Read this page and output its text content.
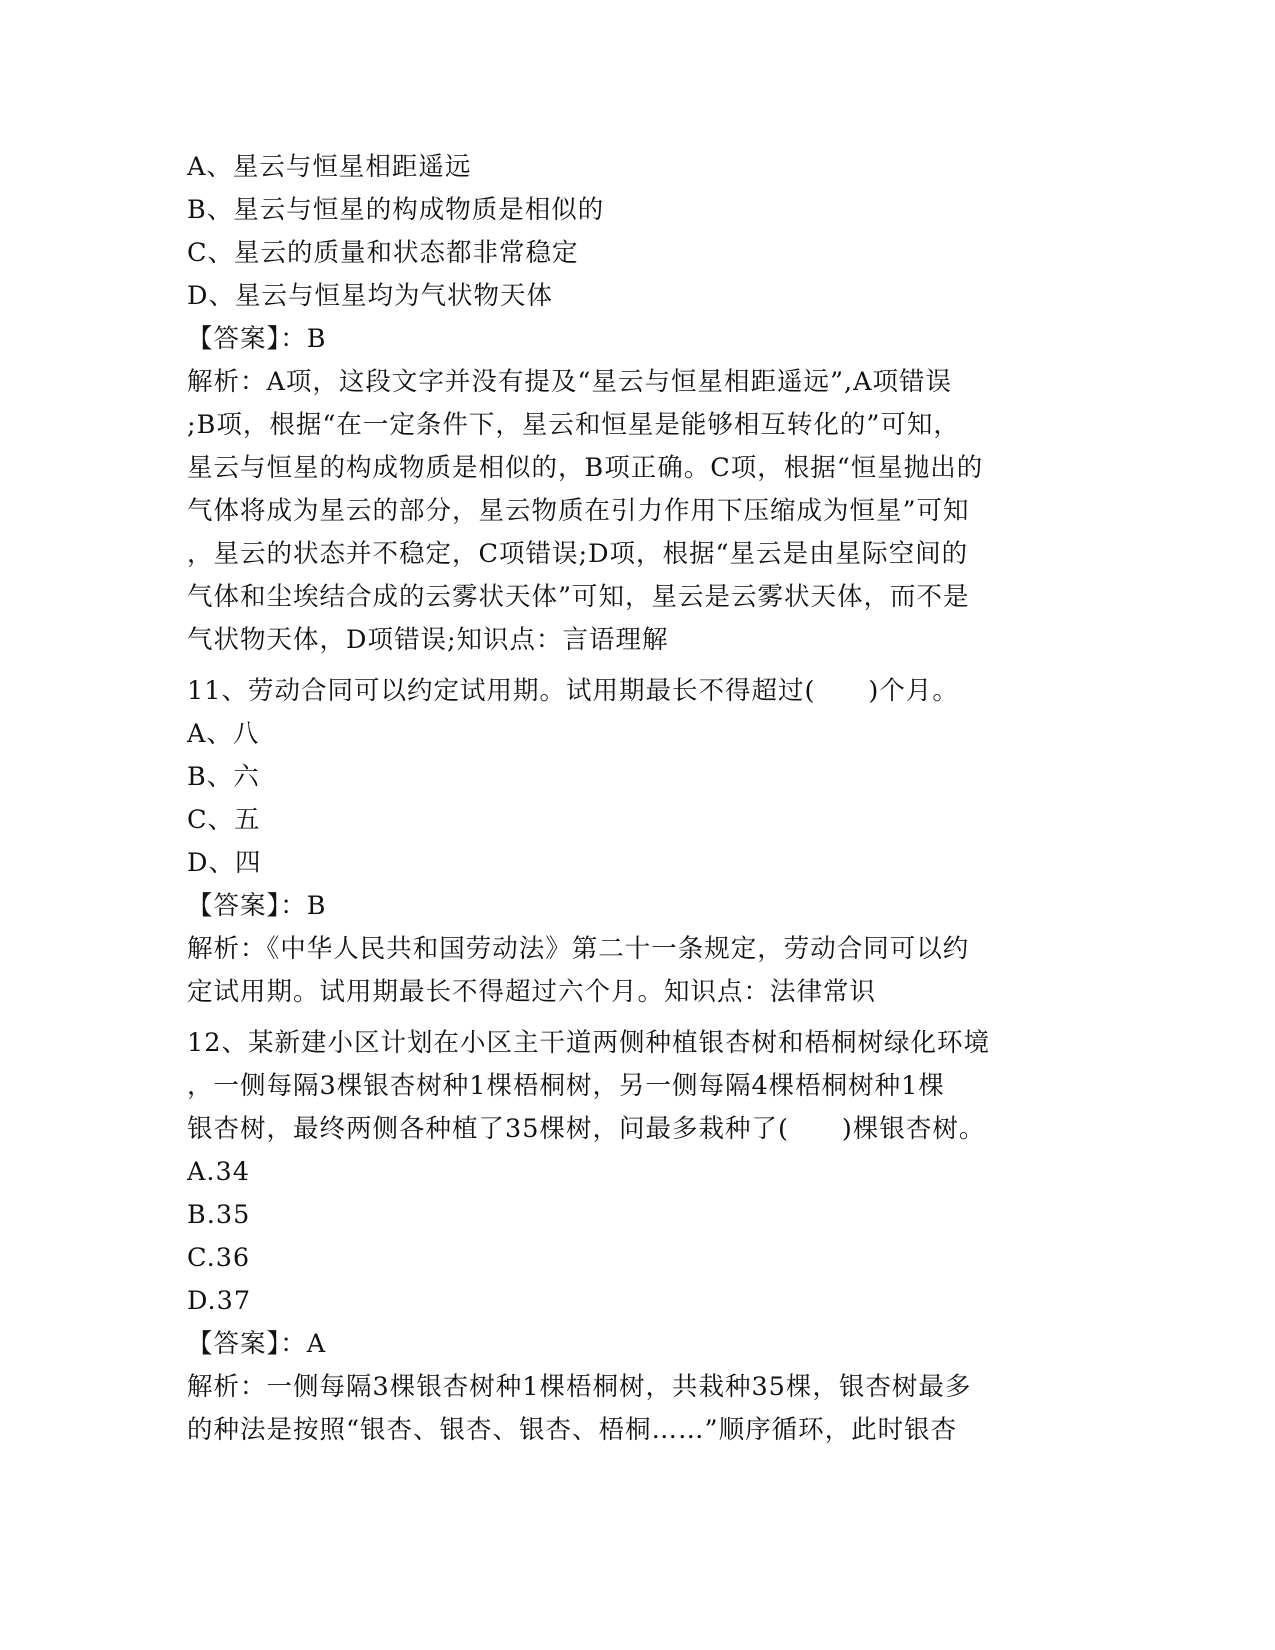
A、星云与恒星相距遥远
B、星云与恒星的构成物质是相似的
C、星云的质量和状态都非常稳定
D、星云与恒星均为气状物天体
【答案】：B
解析：A项，这段文字并没有提及“星云与恒星相距遥远”,A项错误
;B项，根据“在一定条件下，星云和恒星是能够相互转化的”可知，
星云与恒星的构成物质是相似的，B项正确。C项，根据“恒星抛出的
气体将成为星云的部分，星云物质在引力作用下压缩成为恒星”可知
，星云的状态并不稳定，C项错误;D项，根据“星云是由星际空间的
气体和尘埃结合成的云雾状天体”可知，星云是云雾状天体，而不是
气状物天体，D项错误;知识点：言语理解
11、劳动合同可以约定试用期。试用期最长不得超过(　　)个月。
A、八
B、六
C、五
D、四
【答案】：B
解析：《中华人民共和国劳动法》第二十一条规定，劳动合同可以约
定试用期。试用期最长不得超过六个月。知识点：法律常识
12、某新建小区计划在小区主干道两侧种植银杏树和梧桐树绿化环境
，一侧每隔3棵银杏树种1棵梧桐树，另一侧每隔4棵梧桐树种1棵
银杏树，最终两侧各种植了35棵树，问最多栽种了(　　)棵银杏树。
A.34
B.35
C.36
D.37
【答案】：A
解析：一侧每隔3棵银杏树种1棵梧桐树，共栽种35棵，银杏树最多
的种法是按照“银杏、银杏、银杏、梧桐……”顺序循环，此时银杏
